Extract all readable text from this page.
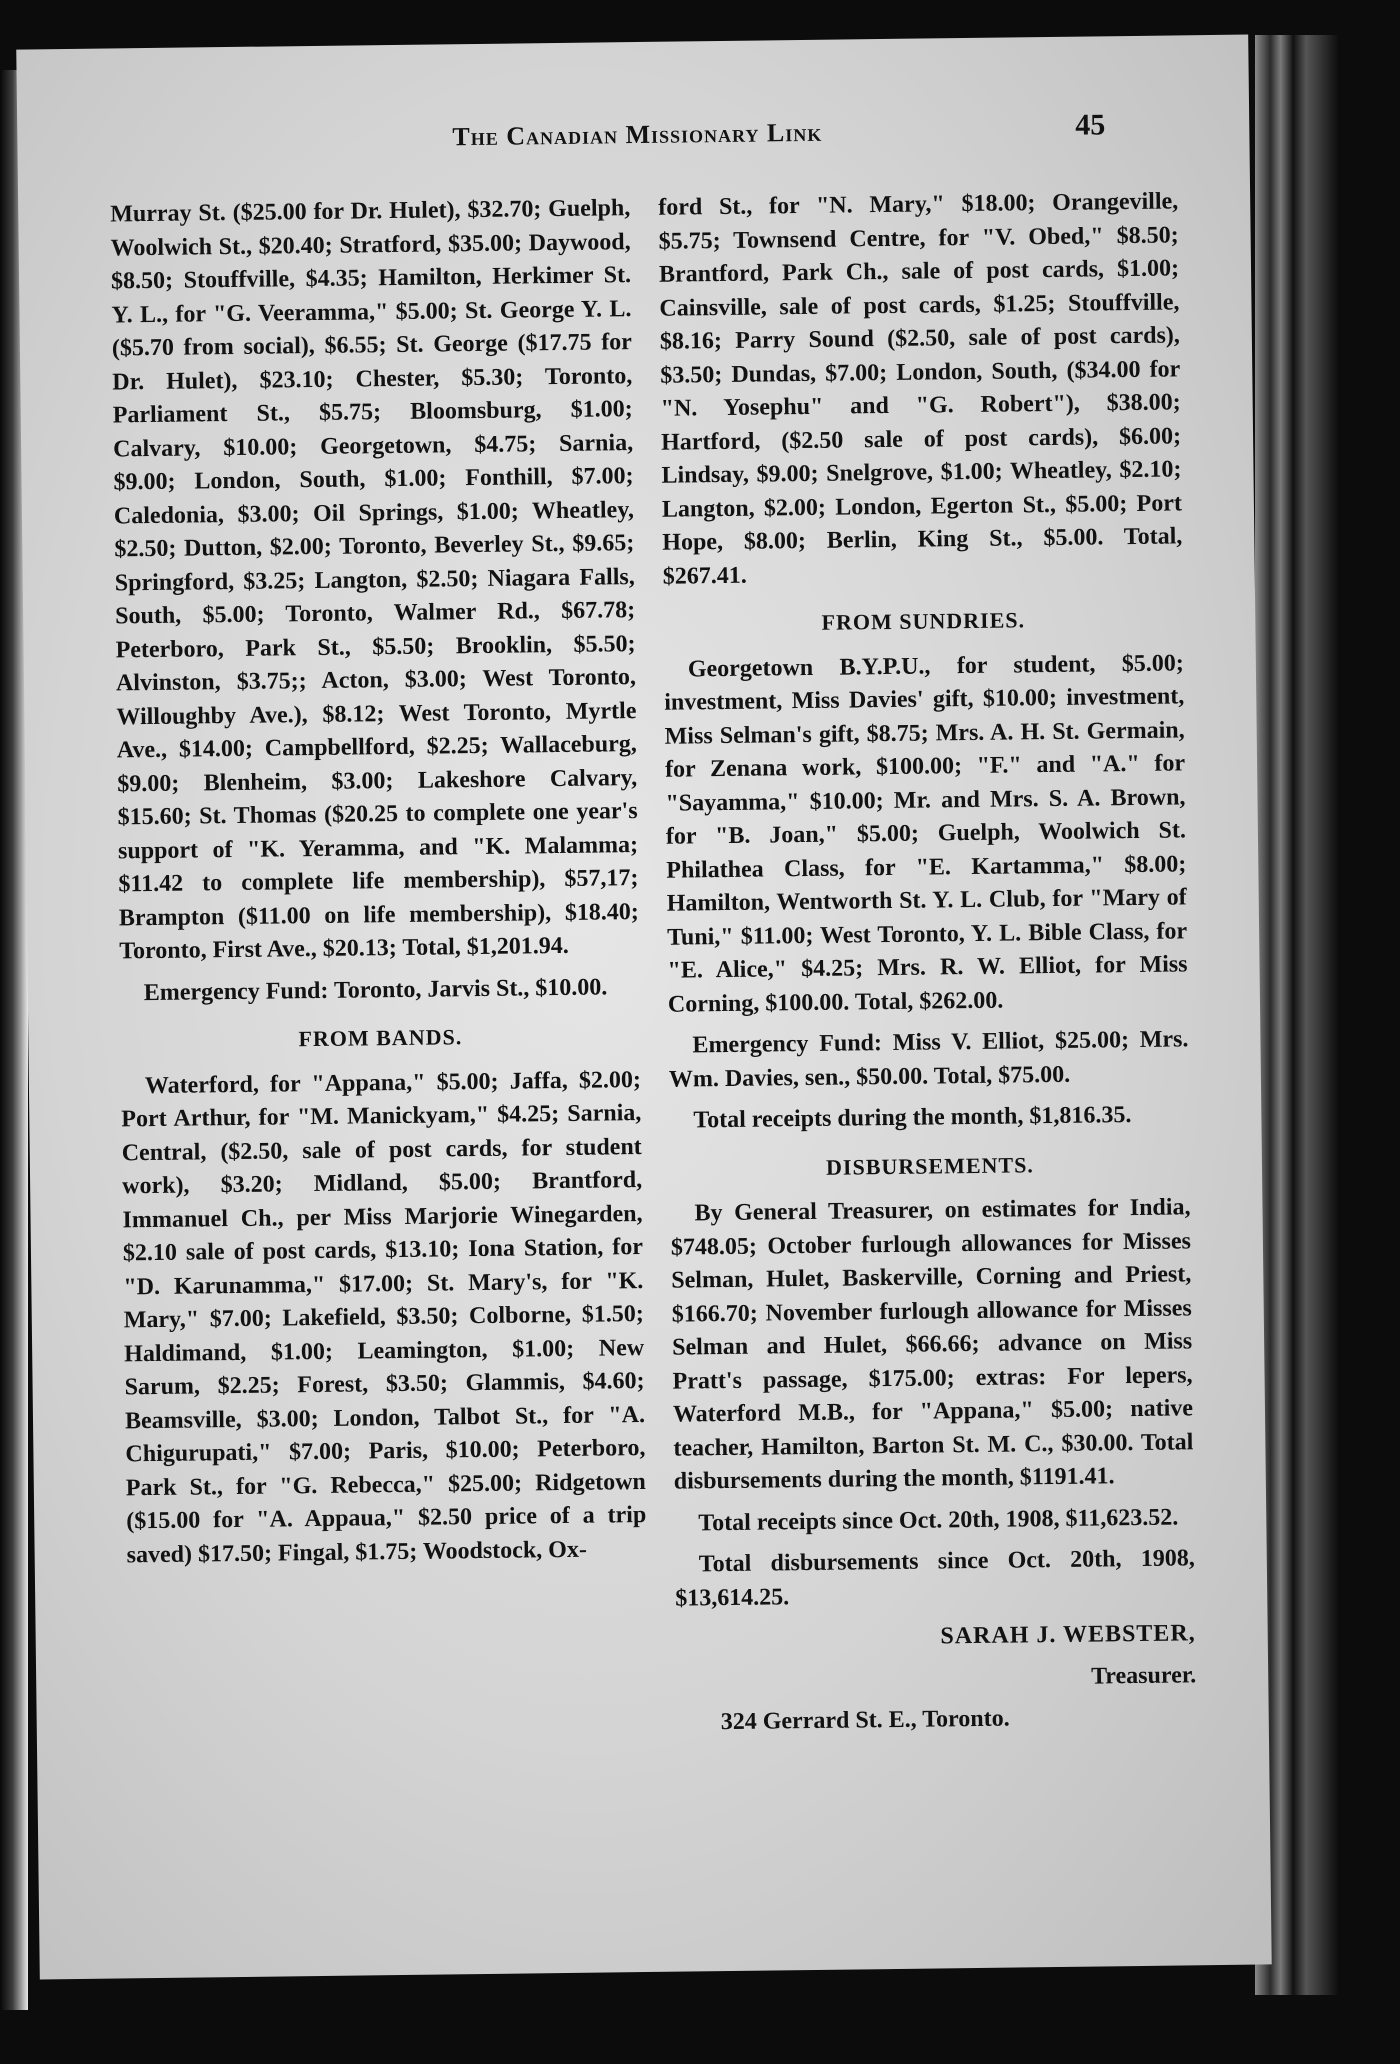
The Canadian Missionary Link	45

Murray St. ($25.00 for Dr. Hulet), $32.70; Guelph, Woolwich St., $20.40; Stratford, $35.00; Daywood, $8.50; Stouffville, $4.35; Hamilton, Herkimer St. Y. L., for "G. Veeramma," $5.00; St. George Y. L. ($5.70 from social), $6.55; St. George ($17.75 for Dr. Hulet), $23.10; Chester, $5.30; Toronto, Parliament St., $5.75; Bloomsburg, $1.00; Calvary, $10.00; Georgetown, $4.75; Sarnia, $9.00; London, South, $1.00; Fonthill, $7.00; Caledonia, $3.00; Oil Springs, $1.00; Wheatley, $2.50; Dutton, $2.00; Toronto, Beverley St., $9.65; Springford, $3.25; Langton, $2.50; Niagara Falls, South, $5.00; Toronto, Walmer Rd., $67.78; Peterboro, Park St., $5.50; Brooklin, $5.50; Alvinston, $3.75;; Acton, $3.00; West Toronto, Willoughby Ave.), $8.12; West Toronto, Myrtle Ave., $14.00; Campbellford, $2.25; Wallaceburg, $9.00; Blenheim, $3.00; Lakeshore Calvary, $15.60; St. Thomas ($20.25 to complete one year's support of "K. Yeramma, and "K. Malamma; $11.42 to complete life membership), $57,17; Brampton ($11.00 on life membership), $18.40; Toronto, First Ave., $20.13; Total, $1,201.94.

Emergency Fund: Toronto, Jarvis St., $10.00.

FROM BANDS.

Waterford, for "Appana," $5.00; Jaffa, $2.00; Port Arthur, for "M. Manickyam," $4.25; Sarnia, Central, ($2.50, sale of post cards, for student work), $3.20; Midland, $5.00; Brantford, Immanuel Ch., per Miss Marjorie Winegarden, $2.10 sale of post cards, $13.10; Iona Station, for "D. Karunamma," $17.00; St. Mary's, for "K. Mary," $7.00; Lakefield, $3.50; Colborne, $1.50; Haldimand, $1.00; Leamington, $1.00; New Sarum, $2.25; Forest, $3.50; Glammis, $4.60; Beamsville, $3.00; London, Talbot St., for "A. Chigurupati," $7.00; Paris, $10.00; Peterboro, Park St., for "G. Rebecca," $25.00; Ridgetown ($15.00 for "A. Appaua," $2.50 price of a trip saved) $17.50; Fingal, $1.75; Woodstock, Ox-

ford St., for "N. Mary," $18.00; Orangeville, $5.75; Townsend Centre, for "V. Obed," $8.50; Brantford, Park Ch., sale of post cards, $1.00; Cainsville, sale of post cards, $1.25; Stouffville, $8.16; Parry Sound ($2.50, sale of post cards), $3.50; Dundas, $7.00; London, South, ($34.00 for "N. Yosephu" and "G. Robert"), $38.00; Hartford, ($2.50 sale of post cards), $6.00; Lindsay, $9.00; Snelgrove, $1.00; Wheatley, $2.10; Langton, $2.00; London, Egerton St., $5.00; Port Hope, $8.00; Berlin, King St., $5.00. Total, $267.41.

FROM SUNDRIES.

Georgetown B.Y.P.U., for student, $5.00; investment, Miss Davies' gift, $10.00; investment, Miss Selman's gift, $8.75; Mrs. A. H. St. Germain, for Zenana work, $100.00; "F." and "A." for "Sayamma," $10.00; Mr. and Mrs. S. A. Brown, for "B. Joan," $5.00; Guelph, Woolwich St. Philathea Class, for "E. Kartamma," $8.00; Hamilton, Wentworth St. Y. L. Club, for "Mary of Tuni," $11.00; West Toronto, Y. L. Bible Class, for "E. Alice," $4.25; Mrs. R. W. Elliot, for Miss Corning, $100.00. Total, $262.00.

Emergency Fund: Miss V. Elliot, $25.00; Mrs. Wm. Davies, sen., $50.00. Total, $75.00.

Total receipts during the month, $1,816.35.

DISBURSEMENTS.

By General Treasurer, on estimates for India, $748.05; October furlough allowances for Misses Selman, Hulet, Baskerville, Corning and Priest, $166.70; November furlough allowance for Misses Selman and Hulet, $66.66; advance on Miss Pratt's passage, $175.00; extras: For lepers, Waterford M.B., for "Appana," $5.00; native teacher, Hamilton, Barton St. M. C., $30.00. Total disbursements during the month, $1191.41.

Total receipts since Oct. 20th, 1908, $11,623.52.

Total disbursements since Oct. 20th, 1908, $13,614.25.

SARAH J. WEBSTER,

Treasurer.

324 Gerrard St. E., Toronto.
